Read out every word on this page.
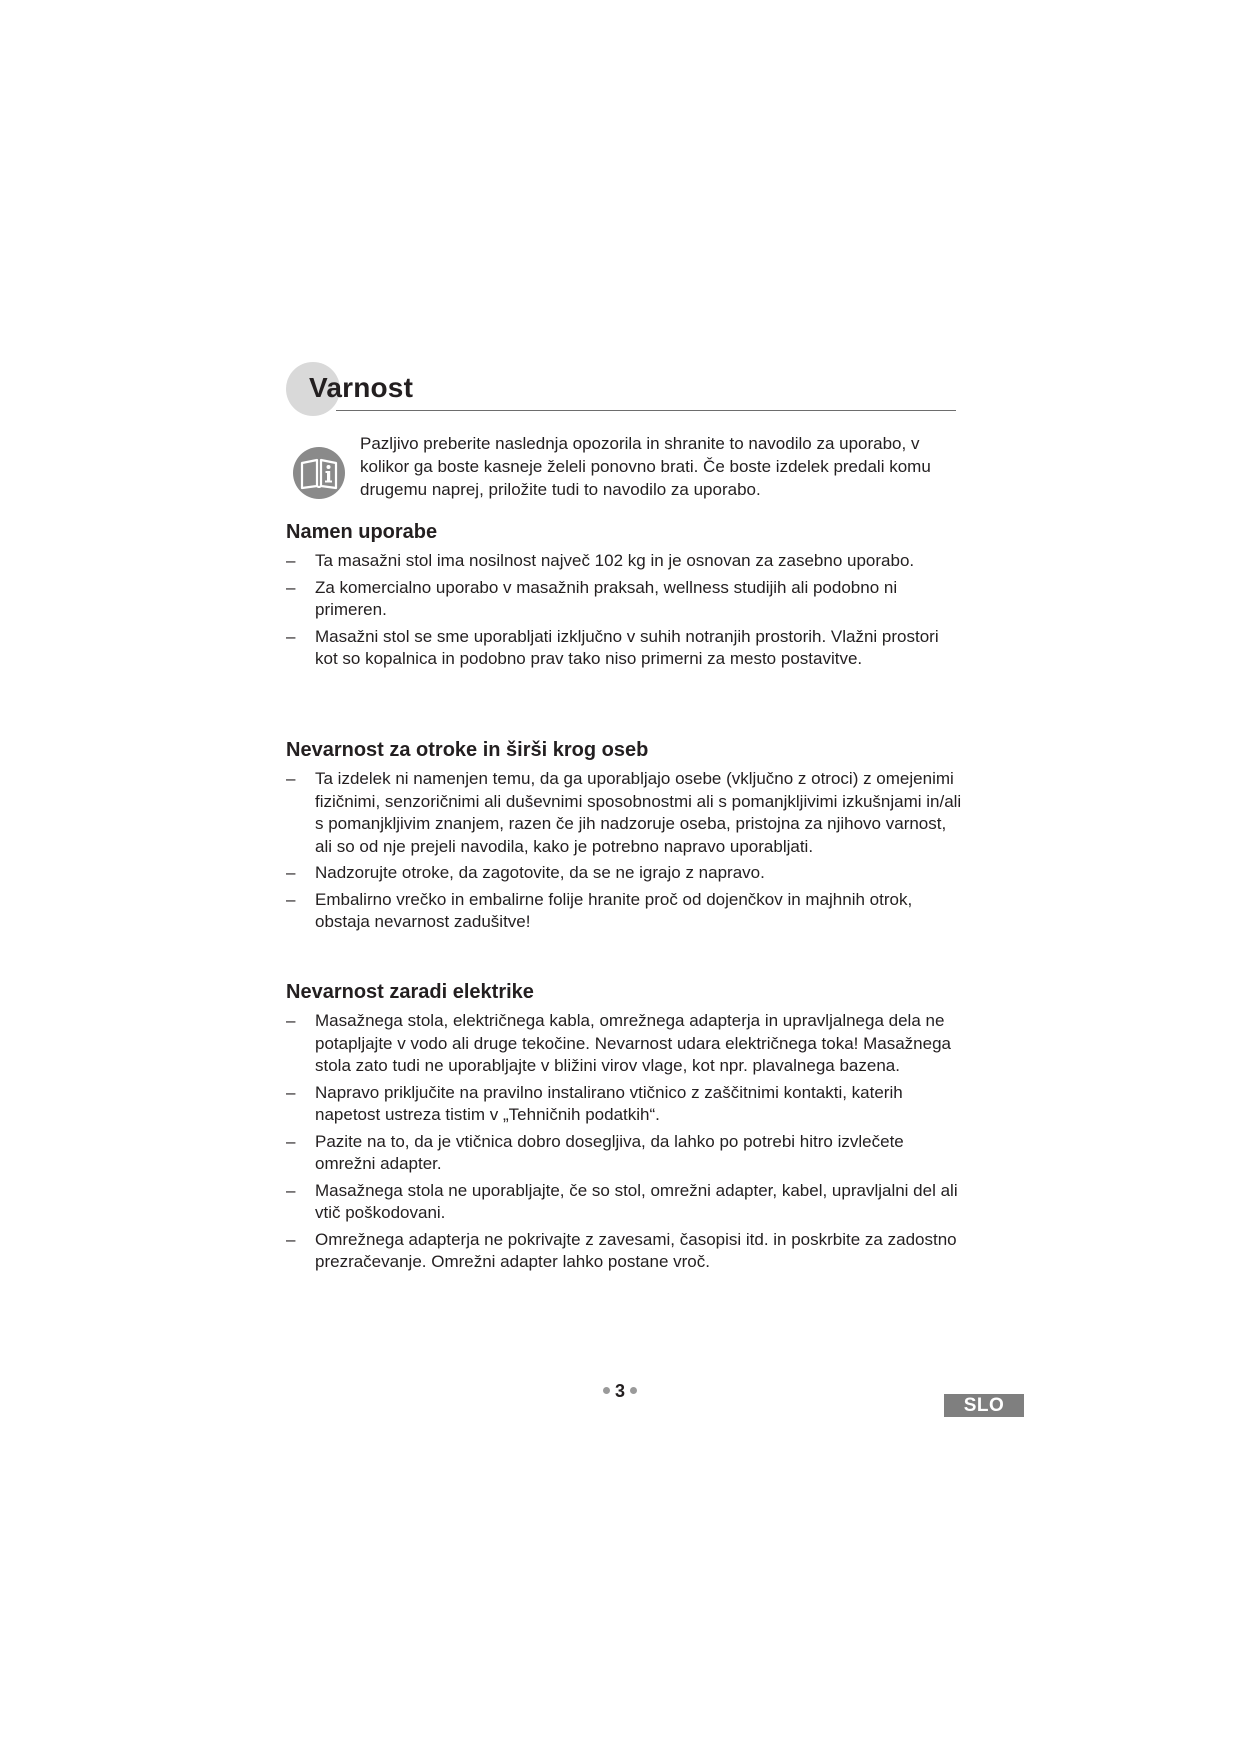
Varnost
Pazljivo preberite naslednja opozorila in shranite to navodilo za uporabo, v kolikor ga boste kasneje želeli ponovno brati. Če boste izdelek predali komu drugemu naprej, priložite tudi to navodilo za uporabo.
Namen uporabe
– Ta masažni stol ima nosilnost največ 102 kg in je osnovan za zasebno uporabo.
– Za komercialno uporabo v masažnih praksah, wellness studijih ali podobno ni primeren.
– Masažni stol se sme uporabljati izključno v suhih notranjih prostorih. Vlažni prostori kot so kopalnica in podobno prav tako niso primerni za mesto postavitve.
Nevarnost za otroke in širši krog oseb
– Ta izdelek ni namenjen temu, da ga uporabljajo osebe (vključno z otroci) z omejenimi fizičnimi, senzoričnimi ali duševnimi sposobnostmi ali s pomanjkljivimi izkušnjami in/ali s pomanjkljivim znanjem, razen če jih nadzoruje oseba, pristojna za njihovo varnost, ali so od nje prejeli navodila, kako je potrebno napravo uporabljati.
– Nadzorujte otroke, da zagotovite, da se ne igrajo z napravo.
– Embalirno vrečko in embalirne folije hranite proč od dojenčkov in majhnih otrok, obstaja nevarnost zadušitve!
Nevarnost zaradi elektrike
– Masažnega stola, električnega kabla, omrežnega adapterja in upravljalnega dela ne potapljajte v vodo ali druge tekočine. Nevarnost udara električnega toka! Masažnega stola zato tudi ne uporabljajte v bližini virov vlage, kot npr. plavalnega bazena.
– Napravo priključite na pravilno instalirano vtičnico z zaščitnimi kontakti, katerih napetost ustreza tistim v „Tehničnih podatkih“.
– Pazite na to, da je vtičnica dobro dosegljiva, da lahko po potrebi hitro izvlečete omrežni adapter.
– Masažnega stola ne uporabljajte, če so stol, omrežni adapter, kabel, upravljalni del ali vtič poškodovani.
– Omrežnega adapterja ne pokrivajte z zavesami, časopisi itd. in poskrbite za zadostno prezračevanje. Omrežni adapter lahko postane vroč.
3
SLO
